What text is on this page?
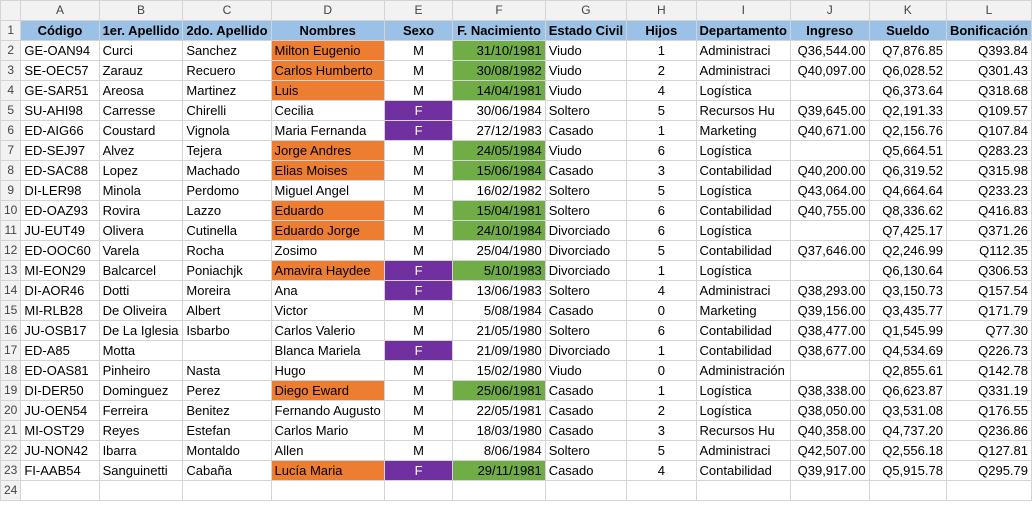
	A	B	C	D	E	F	G	H	I	J	K	L
1	Código	1er. Apellido	2do. Apellido	Nombres	Sexo	F. Nacimiento	Estado Civil	Hijos	Departamento	Ingreso	Sueldo	Bonificación
2	GE-OAN94	Curci	Sanchez	Milton Eugenio	M	31/10/1981	Viudo	1	Administraci	Q36,544.00	Q7,876.85	Q393.84
3	SE-OEC57	Zarauz	Recuero	Carlos Humberto	M	30/08/1982	Viudo	2	Administraci	Q40,097.00	Q6,028.52	Q301.43
4	GE-SAR51	Areosa	Martinez	Luis	M	14/04/1981	Viudo	4	Logística		Q6,373.64	Q318.68
5	SU-AHI98	Carresse	Chirelli	Cecilia	F	30/06/1984	Soltero	5	Recursos Hu	Q39,645.00	Q2,191.33	Q109.57
6	ED-AIG66	Coustard	Vignola	Maria Fernanda	F	27/12/1983	Casado	1	Marketing	Q40,671.00	Q2,156.76	Q107.84
7	ED-SEJ97	Alvez	Tejera	Jorge Andres	M	24/05/1984	Viudo	6	Logística		Q5,664.51	Q283.23
8	ED-SAC88	Lopez	Machado	Elias Moises	M	15/06/1984	Casado	3	Contabilidad	Q40,200.00	Q6,319.52	Q315.98
9	DI-LER98	Minola	Perdomo	Miguel Angel	M	16/02/1982	Soltero	5	Logística	Q43,064.00	Q4,664.64	Q233.23
10	ED-OAZ93	Rovira	Lazzo	Eduardo	M	15/04/1981	Soltero	6	Contabilidad	Q40,755.00	Q8,336.62	Q416.83
11	JU-EUT49	Olivera	Cutinella	Eduardo Jorge	M	24/10/1984	Divorciado	6	Logística		Q7,425.17	Q371.26
12	ED-OOC60	Varela	Rocha	Zosimo	M	25/04/1980	Divorciado	5	Contabilidad	Q37,646.00	Q2,246.99	Q112.35
13	MI-EON29	Balcarcel	Poniachjk	Amavira Haydee	F	5/10/1983	Divorciado	1	Logística		Q6,130.64	Q306.53
14	DI-AOR46	Dotti	Moreira	Ana	F	13/06/1983	Soltero	4	Administraci	Q38,293.00	Q3,150.73	Q157.54
15	MI-RLB28	De Oliveira	Albert	Victor	M	5/08/1984	Casado	0	Marketing	Q39,156.00	Q3,435.77	Q171.79
16	JU-OSB17	De La Iglesia	Isbarbo	Carlos Valerio	M	21/05/1980	Soltero	6	Contabilidad	Q38,477.00	Q1,545.99	Q77.30
17	ED-A85	Motta		Blanca Mariela	F	21/09/1980	Divorciado	1	Contabilidad	Q38,677.00	Q4,534.69	Q226.73
18	ED-OAS81	Pinheiro	Nasta	Hugo	M	15/02/1980	Viudo	0	Administración		Q2,855.61	Q142.78
19	DI-DER50	Dominguez	Perez	Diego Eward	M	25/06/1981	Casado	1	Logística	Q38,338.00	Q6,623.87	Q331.19
20	JU-OEN54	Ferreira	Benitez	Fernando Augusto	M	22/05/1981	Casado	2	Logística	Q38,050.00	Q3,531.08	Q176.55
21	MI-OST29	Reyes	Estefan	Carlos Mario	M	18/03/1980	Casado	3	Recursos Hu	Q40,358.00	Q4,737.20	Q236.86
22	JU-NON42	Ibarra	Montaldo	Allen	M	8/06/1984	Soltero	5	Administraci	Q42,507.00	Q2,556.18	Q127.81
23	FI-AAB54	Sanguinetti	Cabaña	Lucía Maria	F	29/11/1981	Casado	4	Contabilidad	Q39,917.00	Q5,915.78	Q295.79
24												
